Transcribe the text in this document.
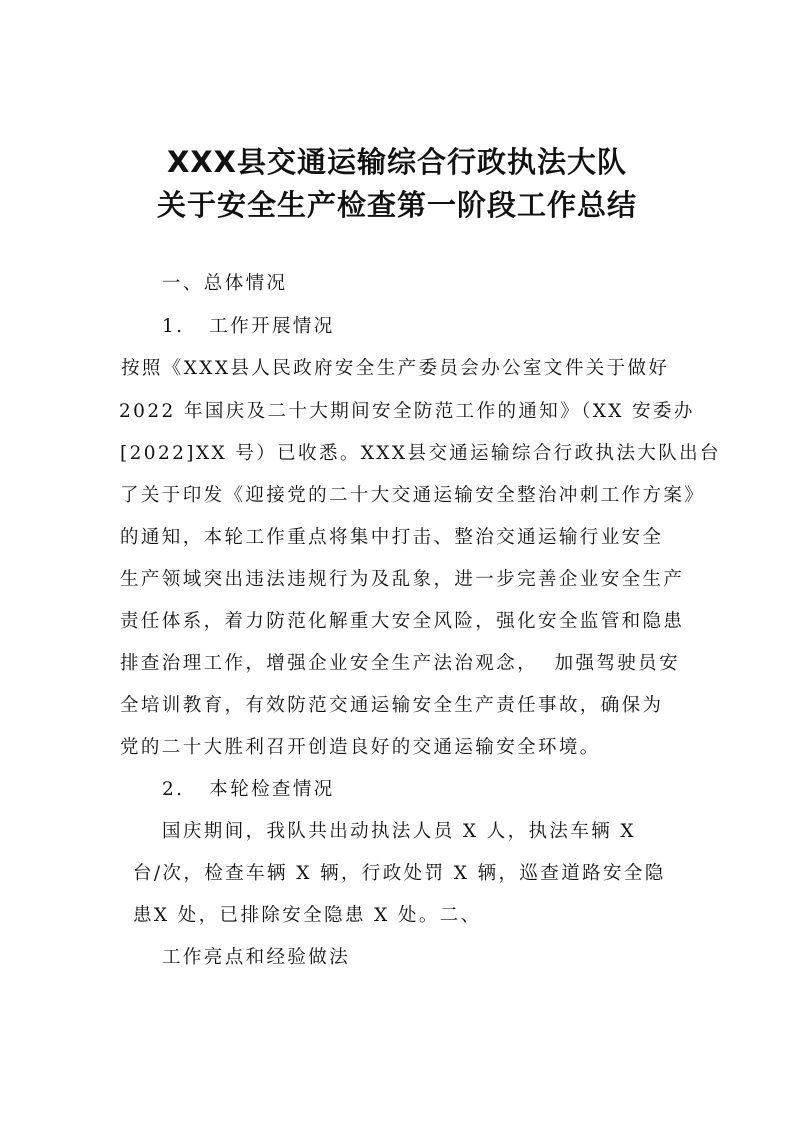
XXX县交通运输综合行政执法大队
关于安全生产检查第一阶段工作总结
一、总体情况
1.   工作开展情况
按照《XXX县人民政府安全生产委员会办公室文件关于做好
2022 年国庆及二十大期间安全防范工作的通知》（XX 安委办
[2022]XX 号）已收悉。XXX县交通运输综合行政执法大队出台
了关于印发《迎接党的二十大交通运输安全整治冲刺工作方案》
的通知，本轮工作重点将集中打击、整治交通运输行业安全
生产领域突出违法违规行为及乱象，进一步完善企业安全生产
责任体系，着力防范化解重大安全风险，强化安全监管和隐患
排查治理工作，增强企业安全生产法治观念，  加强驾驶员安
全培训教育，有效防范交通运输安全生产责任事故，确保为
党的二十大胜利召开创造良好的交通运输安全环境。
2.   本轮检查情况
国庆期间，我队共出动执法人员 X 人，执法车辆 X
台/次，检查车辆 X 辆，行政处罚 X 辆，巡查道路安全隐
患X 处，已排除安全隐患 X 处。二、
工作亮点和经验做法
